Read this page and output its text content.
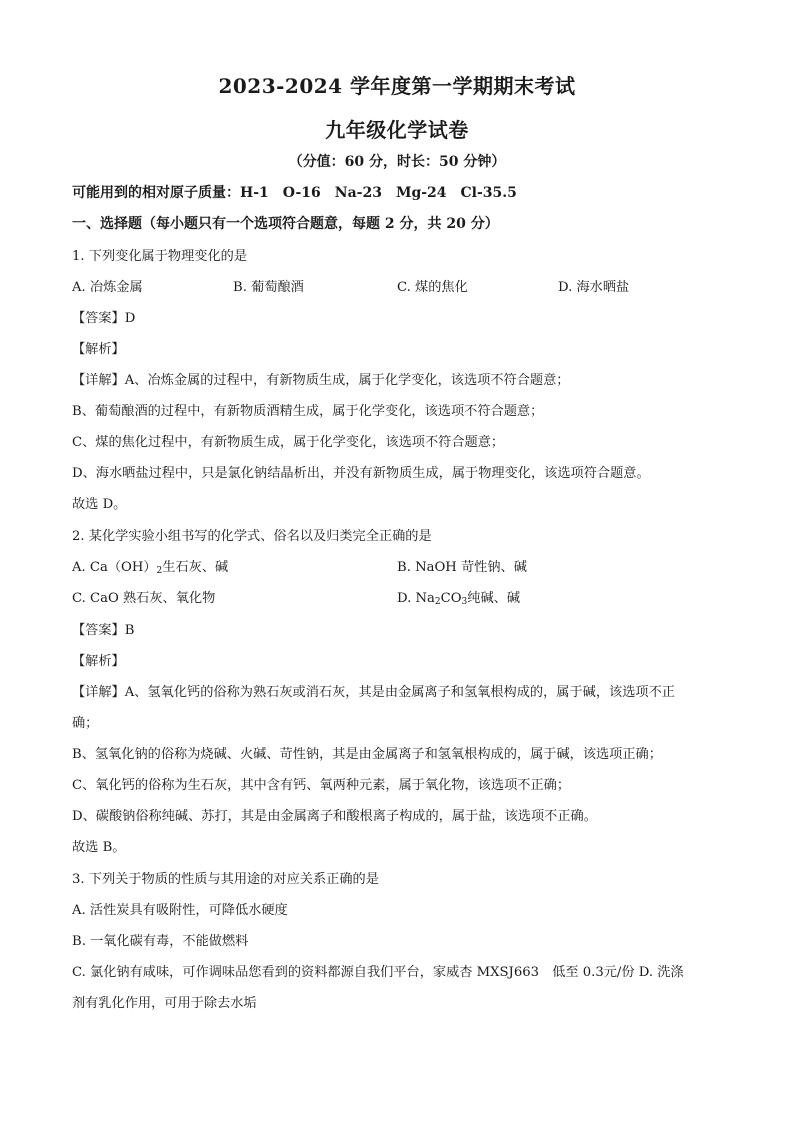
2023-2024 学年度第一学期期末考试
九年级化学试卷
（分值：60 分，时长：50 分钟）
可能用到的相对原子质量：H-1　O-16　Na-23　Mg-24　Cl-35.5
一、选择题（每小题只有一个选项符合题意，每题 2 分，共 20 分）
1. 下列变化属于物理变化的是
A. 冶炼金属	B. 葡萄酿酒	C. 煤的焦化	D. 海水晒盐
【答案】D
【解析】
【详解】A、冶炼金属的过程中，有新物质生成，属于化学变化，该选项不符合题意；
B、葡萄酿酒的过程中，有新物质酒精生成，属于化学变化，该选项不符合题意；
C、煤的焦化过程中，有新物质生成，属于化学变化，该选项不符合题意；
D、海水晒盐过程中，只是氯化钠结晶析出，并没有新物质生成，属于物理变化，该选项符合题意。
故选 D。
2. 某化学实验小组书写的化学式、俗名以及归类完全正确的是
A. $Ca(OH)_2$生石灰、碱	B. NaOH 苛性钠、碱
C. CaO 熟石灰、氧化物	D. $Na_2CO_3$纯碱、碱
【答案】B
【解析】
【详解】A、氢氧化钙的俗称为熟石灰或消石灰，其是由金属离子和氢氧根构成的，属于碱，该选项不正
确；
B、氢氧化钠的俗称为烧碱、火碱、苛性钠，其是由金属离子和氢氧根构成的，属于碱，该选项正确；
C、氧化钙的俗称为生石灰，其中含有钙、氧两种元素，属于氧化物，该选项不正确；
D、碳酸钠俗称纯碱、苏打，其是由金属离子和酸根离子构成的，属于盐，该选项不正确。
故选 B。
3. 下列关于物质的性质与其用途的对应关系正确的是
A. 活性炭具有吸附性，可降低水硬度
B. 一氧化碳有毒，不能做燃料
C. 氯化钠有咸味，可作调味品您看到的资料都源自我们平台，家威杏 MXSJ663　低至 0.3元/份 D. 洗涤
剂有乳化作用，可用于除去水垢
